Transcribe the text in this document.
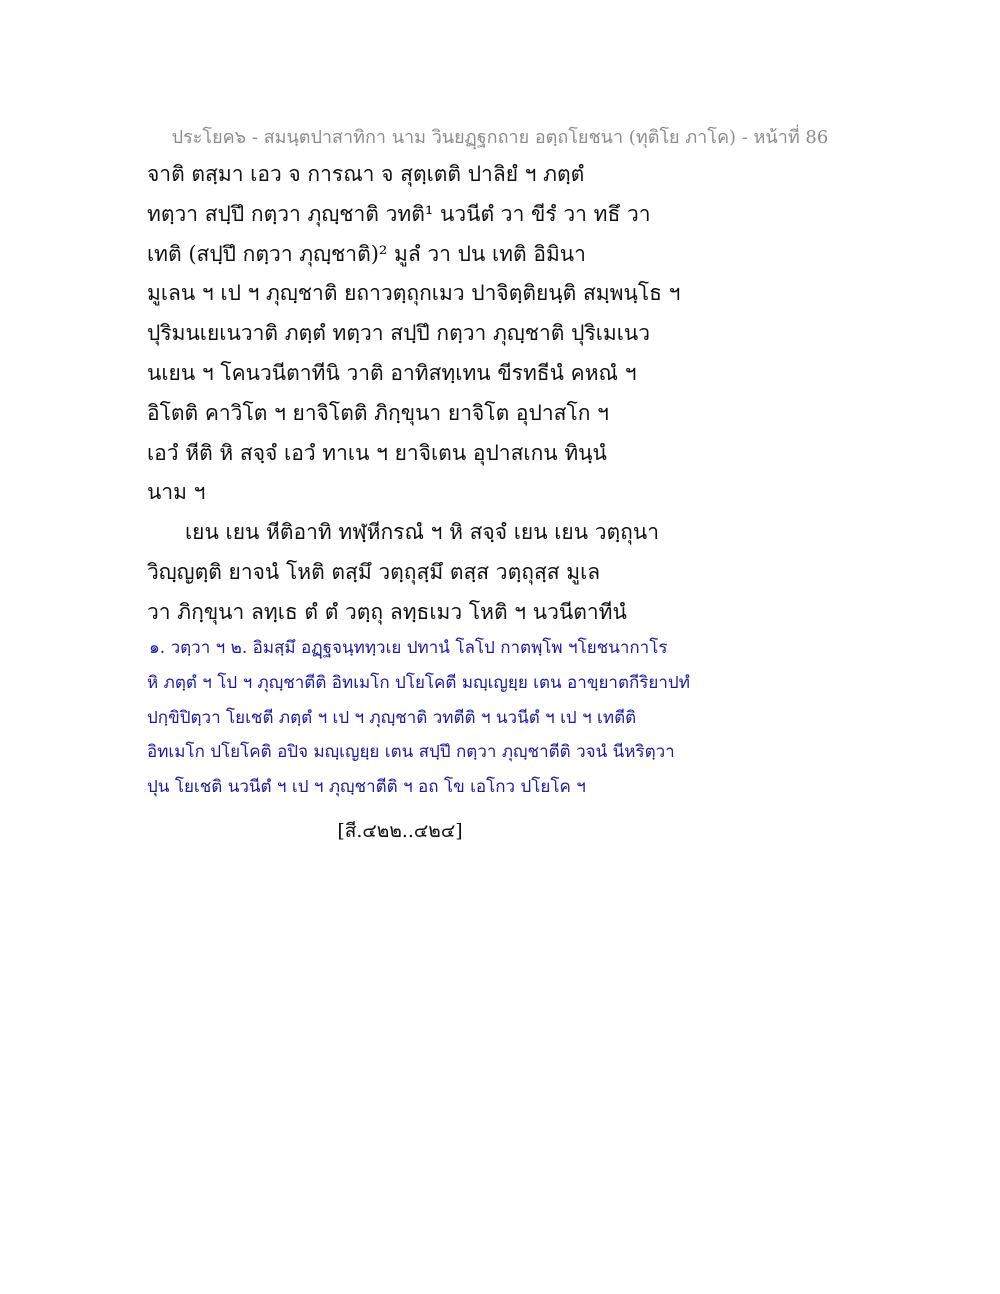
ประโยค๖ - สมนฺตปาสาทิกา นาม วินยฏฺฐกถาย อตฺถโยชนา (ทุติโย ภาโค) - หน้าที่ 86
จาติ ตสฺมา เอว จ การณา จ สุตฺเตติ ปาลิยํ ฯ ภตฺตํ
ทตฺวา สปฺปึ กตฺวา ภุญฺชาติ วทติ¹ นวนีตํ วา ขีรํ วา ทธึ วา
เทติ (สปฺปึ กตฺวา ภุญฺชาติ)² มูลํ วา ปน เทติ อิมินา
มูเลน ฯ เป ฯ ภุญฺชาติ ยถาวตฺถุกเมว ปาจิตฺติยนฺติ สมฺพนฺโธ ฯ
ปุริมนเยเนวาติ ภตฺตํ ทตฺวา สปฺปึ กตฺวา ภุญฺชาติ ปุริเมเนว
นเยน ฯ โคนวนีตาทีนิ วาติ อาทิสทฺเทน ขีรทธีนํ คหณํ ฯ
อิโตติ คาวิโต ฯ ยาจิโตติ ภิกฺขุนา ยาจิโต อุปาสโก ฯ
เอวํ หีติ หิ สจฺจํ เอวํ ทาเน ฯ ยาจิเตน อุปาสเกน ทินฺนํ
นาม ฯ
เยน เยน หีติอาทิ ทฬฺหีกรณํ ฯ หิ สจฺจํ เยน เยน วตฺถุนา
วิญฺญตฺติ ยาจนํ โหติ ตสฺมึ วตฺถุสฺมึ ตสฺส วตฺถุสฺส มูเล
วา ภิกฺขุนา ลทฺเธ ตํ ตํ วตฺถุ ลทฺธเมว โหติ ฯ นวนีตาทีนํ
๑. วตฺวา ฯ ๒. อิมสฺมึ อฏฺฐจนฺททฺวเย ปทานํ โลโป กาตพฺโพ ฯโยชนากาโร
หิ ภตฺตํ ฯ โป ฯ ภุญฺชาตีติ อิทเมโก ปโยโคตี มญฺเญยฺย เตน อาขฺยาตกีริยาปทํ
ปกฺขิปิตฺวา โยเชตี ภตฺตํ ฯ เป ฯ ภุญฺชาติ วทตีติ ฯ นวนีตํ ฯ เป ฯ เทตีติ
อิทเมโก ปโยโคติ อปิจ มญฺเญยฺย เตน สปฺปึ กตฺวา ภุญฺชาตีติ วจนํ นีหริตฺวา
ปุน โยเชติ นวนีตํ ฯ เป ฯ ภุญฺชาตีติ ฯ อถ โข เอโกว ปโยโค ฯ
[สี.๔๒๒..๔๒๔]
